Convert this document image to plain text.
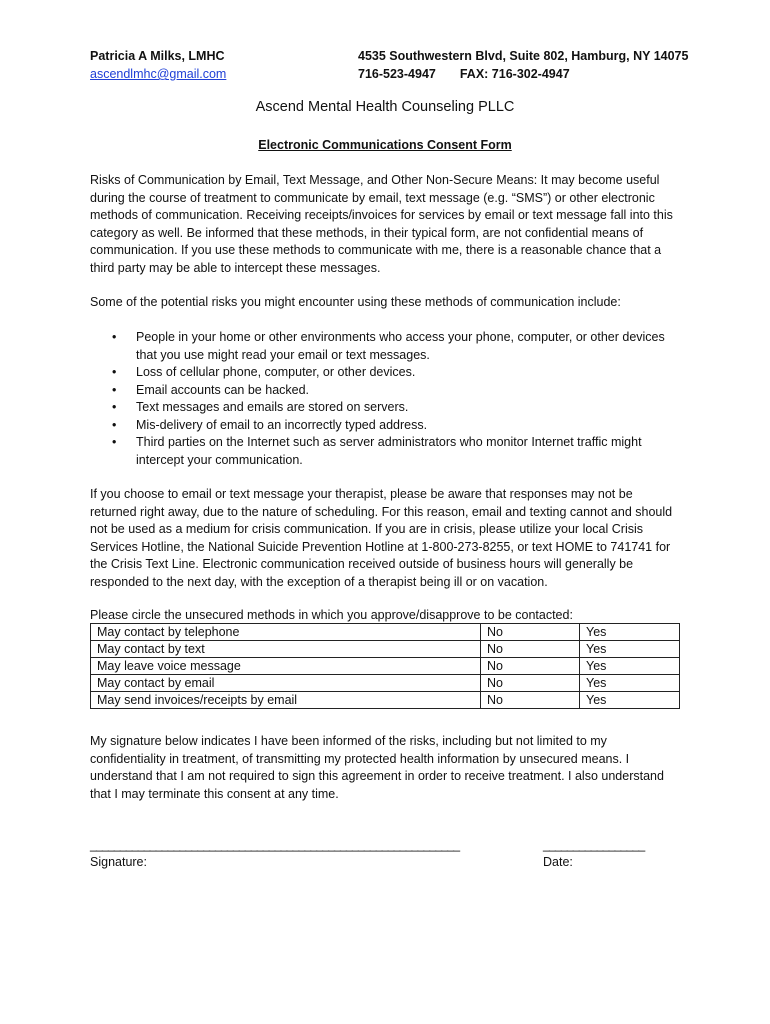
Patricia A Milks, LMHC
ascendlmhc@gmail.com
4535 Southwestern Blvd, Suite 802, Hamburg, NY 14075
716-523-4947 FAX: 716-302-4947
Ascend Mental Health Counseling PLLC
Electronic Communications Consent Form

Risks of Communication by Email, Text Message, and Other Non-Secure Means: It may become useful during the course of treatment to communicate by email, text message (e.g. “SMS”) or other electronic methods of communication. Receiving receipts/invoices for services by email or text message fall into this category as well. Be informed that these methods, in their typical form, are not confidential means of communication. If you use these methods to communicate with me, there is a reasonable chance that a third party may be able to intercept these messages.

Some of the potential risks you might encounter using these methods of communication include:

• People in your home or other environments who access your phone, computer, or other devices that you use might read your email or text messages.
• Loss of cellular phone, computer, or other devices.
• Email accounts can be hacked.
• Text messages and emails are stored on servers.
• Mis-delivery of email to an incorrectly typed address.
• Third parties on the Internet such as server administrators who monitor Internet traffic might intercept your communication.

If you choose to email or text message your therapist, please be aware that responses may not be returned right away, due to the nature of scheduling. For this reason, email and texting cannot and should not be used as a medium for crisis communication. If you are in crisis, please utilize your local Crisis Services Hotline, the National Suicide Prevention Hotline at 1-800-273-8255, or text HOME to 741741 for the Crisis Text Line. Electronic communication received outside of business hours will generally be responded to the next day, with the exception of a therapist being ill or on vacation.

Please circle the unsecured methods in which you approve/disapprove to be contacted:

May contact by telephone	No	Yes
May contact by text	No	Yes
May leave voice message	No	Yes
May contact by email	No	Yes
May send invoices/receipts by email	No	Yes

My signature below indicates I have been informed of the risks, including but not limited to my confidentiality in treatment, of transmitting my protected health information by unsecured means. I understand that I am not required to sign this agreement in order to receive treatment. I also understand that I may terminate this consent at any time.

______________________________________________________________	_________________
Signature:	Date:
